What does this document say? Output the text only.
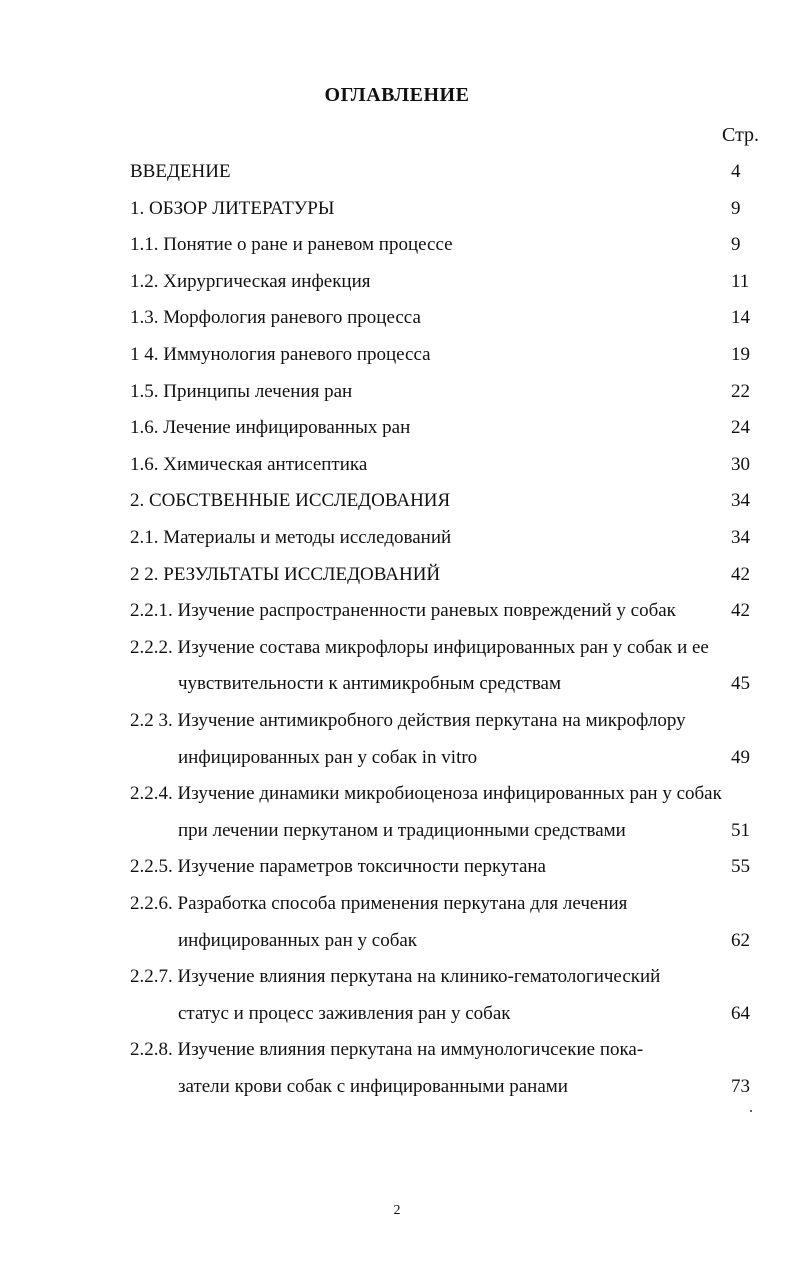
ОГЛАВЛЕНИЕ
Стр.
ВВЕДЕНИЕ	4
1. ОБЗОР ЛИТЕРАТУРЫ	9
1.1. Понятие о ране и раневом процессе	9
1.2. Хирургическая инфекция	11
1.3. Морфология раневого процесса	14
1 4. Иммунология раневого процесса	19
1.5. Принципы лечения ран	22
1.6. Лечение инфицированных ран	24
1.6. Химическая антисептика	30
2. СОБСТВЕННЫЕ ИССЛЕДОВАНИЯ	34
2.1. Материалы и методы исследований	34
2 2. РЕЗУЛЬТАТЫ ИССЛЕДОВАНИЙ	42
2.2.1. Изучение распространенности раневых повреждений у собак	42
2.2.2. Изучение состава микрофлоры инфицированных ран у собак и ее
чувствительности к антимикробным средствам	45
2.2 3. Изучение антимикробного действия перкутана на микрофлору
инфицированных ран у собак in vitro	49
2.2.4. Изучение динамики микробиоценоза инфицированных ран у собак
при лечении перкутаном и традиционными средствами	51
2.2.5. Изучение параметров токсичности перкутана	55
2.2.6. Разработка способа применения перкутана для лечения
инфицированных ран у собак	62
2.2.7. Изучение влияния перкутана на клинико-гематологический
статус и процесс заживления ран у собак	64
2.2.8. Изучение влияния перкутана на иммунологичсекие пока-
затели крови собак с инфицированными ранами	73
2
